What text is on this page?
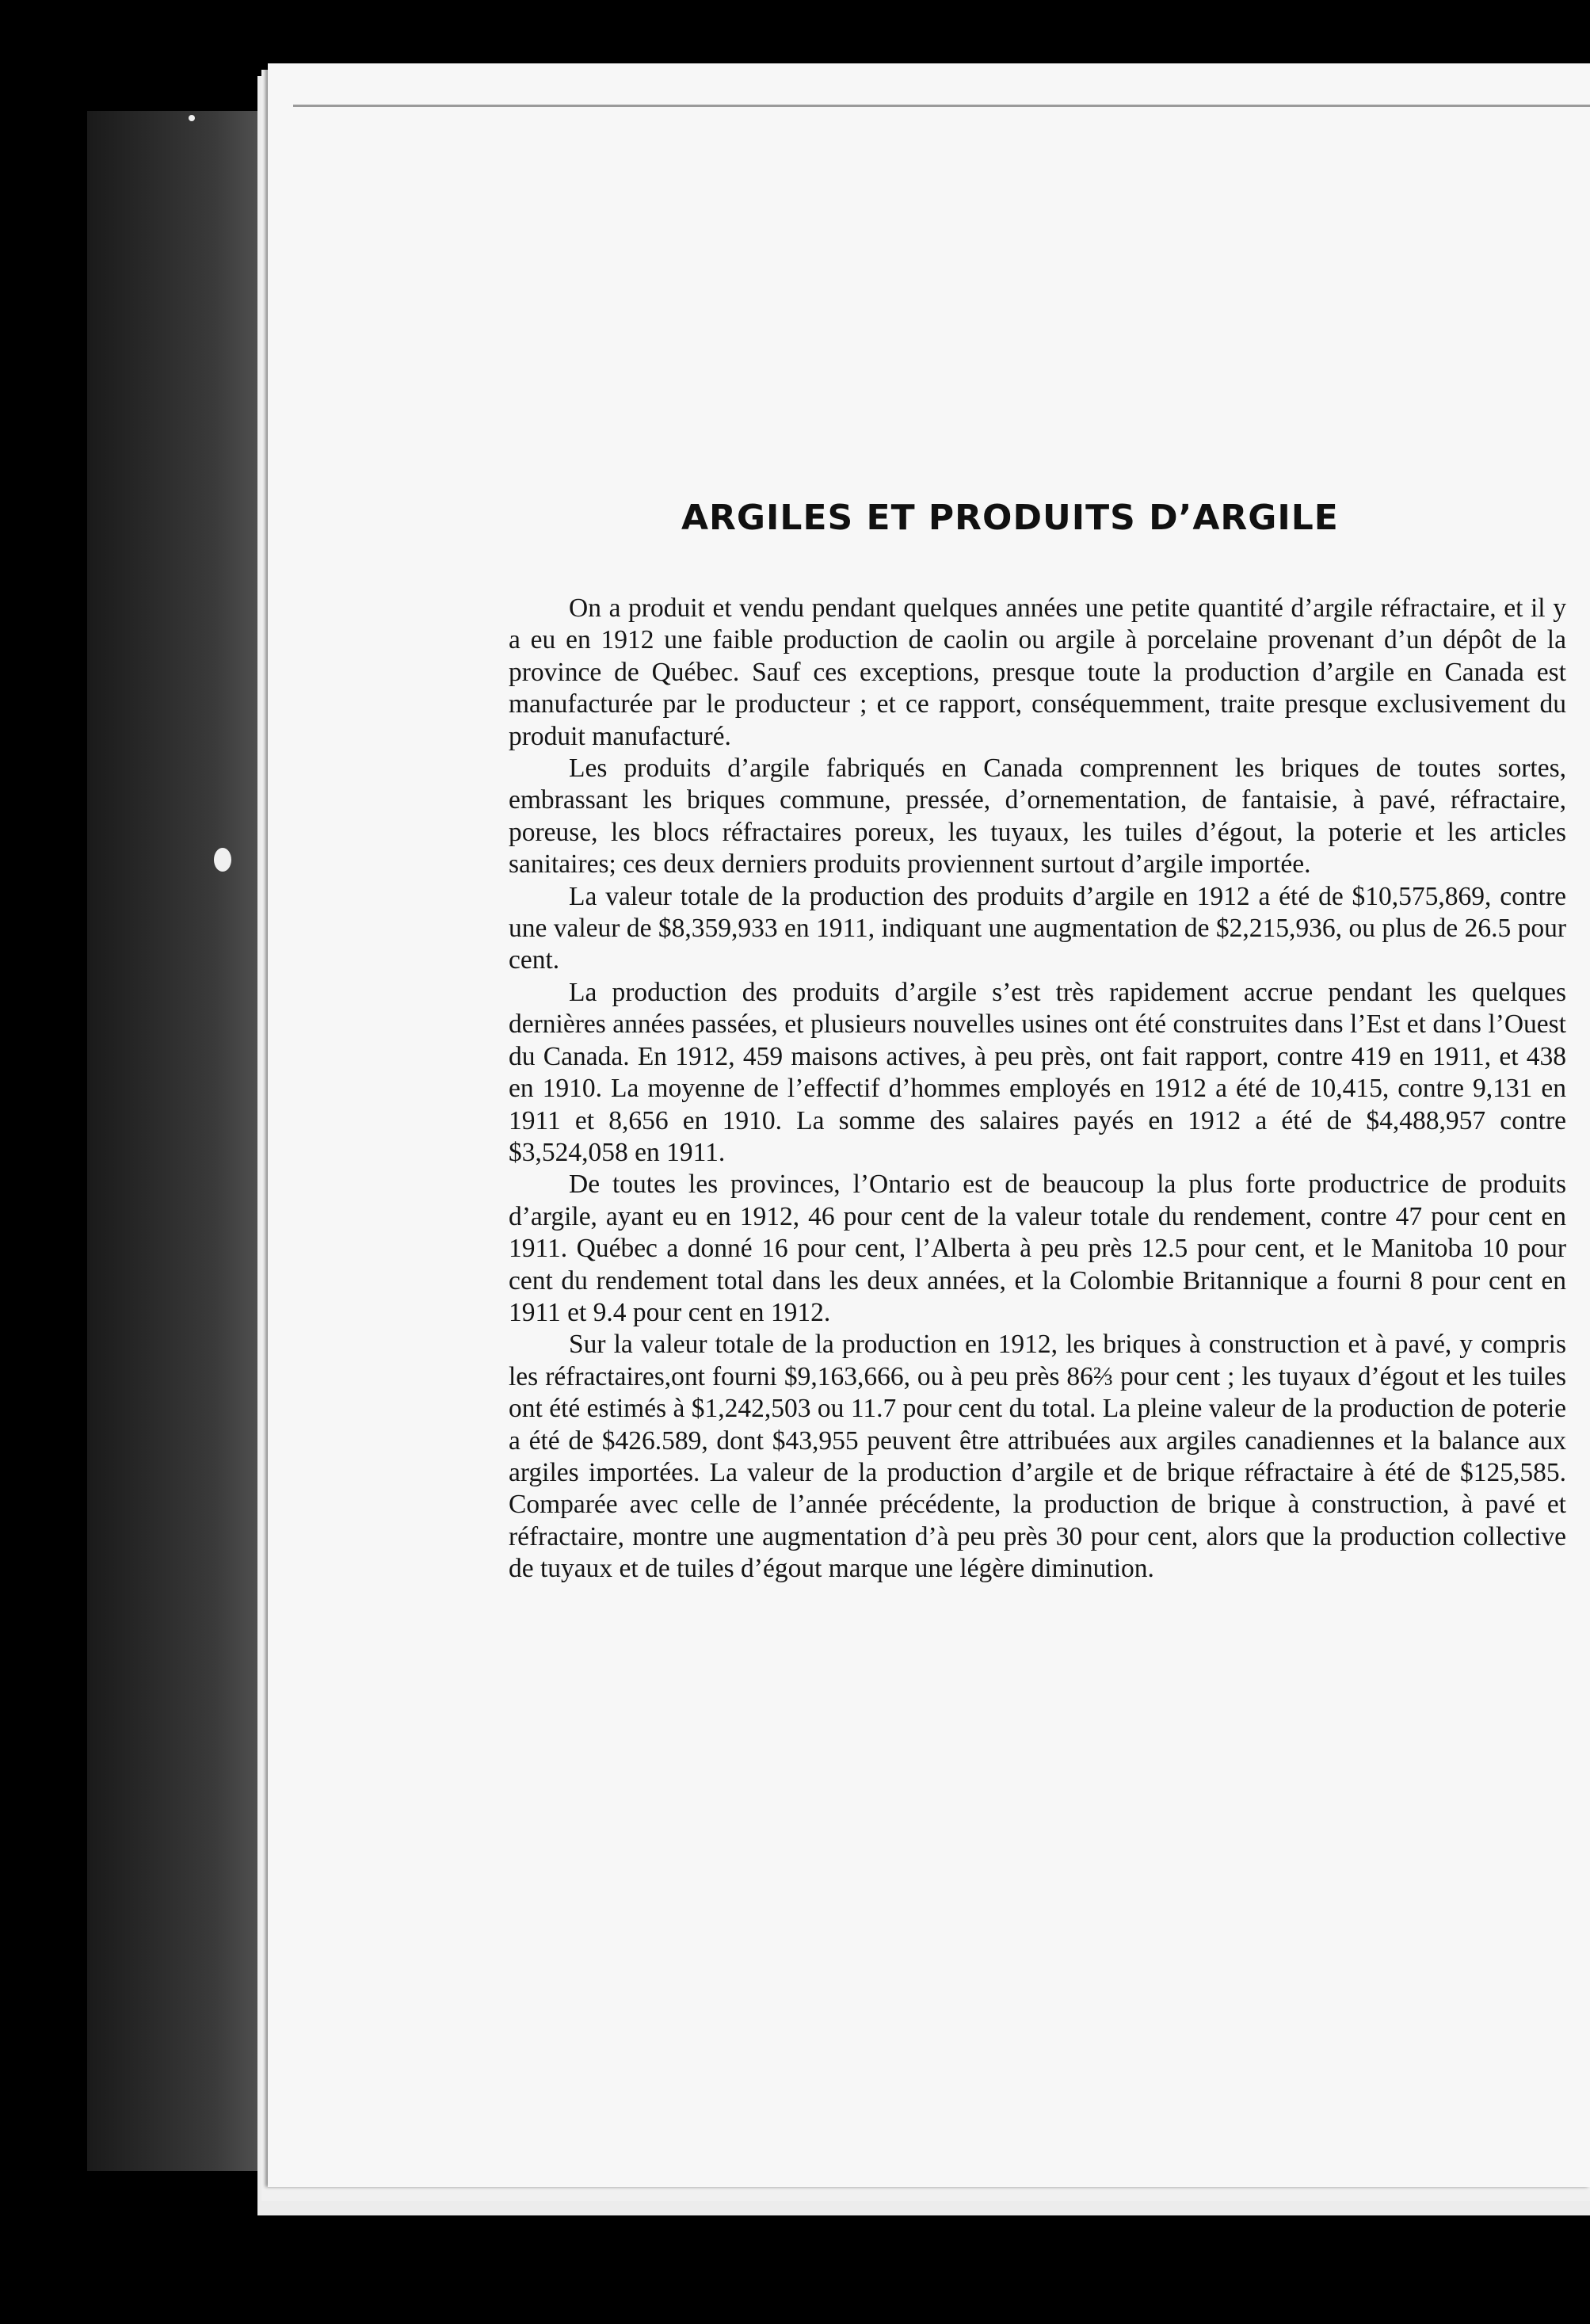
ARGILES ET PRODUITS D’ARGILE

On a produit et vendu pendant quelques années une petite quantité d’argile réfractaire, et il y a eu en 1912 une faible production de caolin ou argile à porcelaine provenant d’un dépôt de la province de Québec. Sauf ces exceptions, presque toute la production d’argile en Canada est manufacturée par le producteur ; et ce rapport, conséquemment, traite presque exclusivement du produit manufacturé.

Les produits d’argile fabriqués en Canada comprennent les briques de toutes sortes, embrassant les briques commune, pressée, d’ornementation, de fantaisie, à pavé, réfractaire, poreuse, les blocs réfractaires poreux, les tuyaux, les tuiles d’égout, la poterie et les articles sanitaires; ces deux derniers produits proviennent surtout d’argile importée.

La valeur totale de la production des produits d’argile en 1912 a été de $10,575,869, contre une valeur de $8,359,933 en 1911, indiquant une augmentation de $2,215,936, ou plus de 26.5 pour cent.

La production des produits d’argile s’est très rapidement accrue pendant les quelques dernières années passées, et plusieurs nouvelles usines ont été construites dans l’Est et dans l’Ouest du Canada. En 1912, 459 maisons actives, à peu près, ont fait rapport, contre 419 en 1911, et 438 en 1910. La moyenne de l’effectif d’hommes employés en 1912 a été de 10,415, contre 9,131 en 1911 et 8,656 en 1910. La somme des salaires payés en 1912 a été de $4,488,957 contre $3,524,058 en 1911.

De toutes les provinces, l’Ontario est de beaucoup la plus forte productrice de produits d’argile, ayant eu en 1912, 46 pour cent de la valeur totale du rendement, contre 47 pour cent en 1911. Québec a donné 16 pour cent, l’Alberta à peu près 12.5 pour cent, et le Manitoba 10 pour cent du rendement total dans les deux années, et la Colombie Britannique a fourni 8 pour cent en 1911 et 9.4 pour cent en 1912.

Sur la valeur totale de la production en 1912, les briques à construction et à pavé, y compris les réfractaires,ont fourni $9,163,666, ou à peu près 86⅔ pour cent ; les tuyaux d’égout et les tuiles ont été estimés à $1,242,503 ou 11.7 pour cent du total. La pleine valeur de la production de poterie a été de $426.589, dont $43,955 peuvent être attribuées aux argiles canadiennes et la balance aux argiles importées. La valeur de la production d’argile et de brique réfractaire à été de $125,585. Comparée avec celle de l’année précédente, la production de brique à construction, à pavé et réfractaire, montre une augmentation d’à peu près 30 pour cent, alors que la production collective de tuyaux et de tuiles d’égout marque une légère diminution.
